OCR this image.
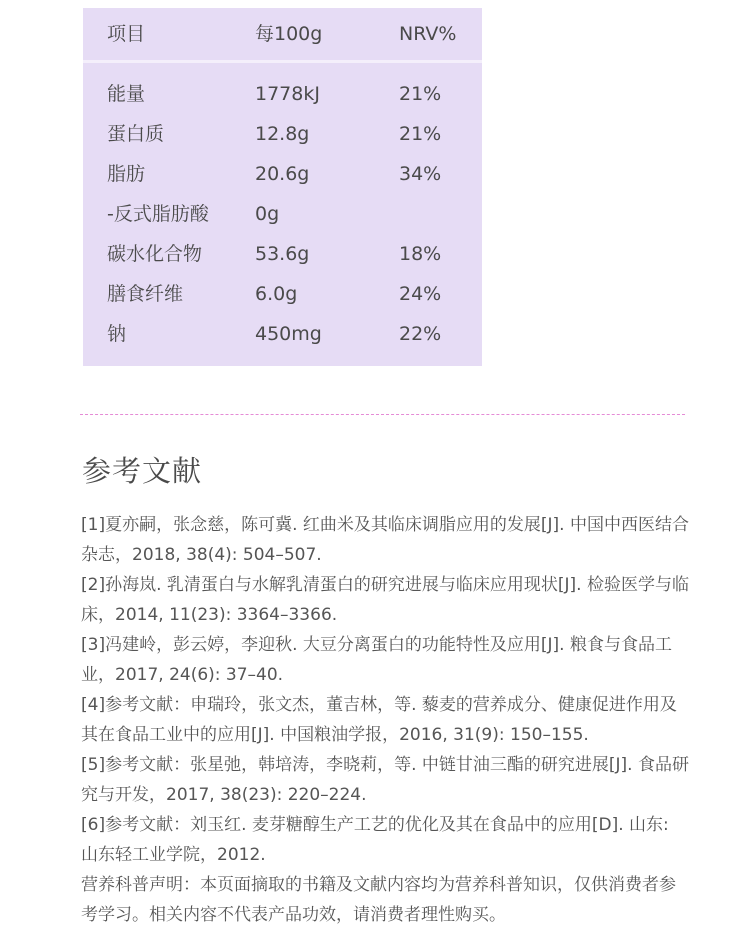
项目	每100g	NRV%
能量	1778kJ	21%
蛋白质	12.8g	21%
脂肪	20.6g	34%
-反式脂肪酸 0g
碳水化合物	53.6g	18%
膳食纤维	6.0g	24%
钠	450mg	22%
参考文献

[1]夏亦嗣，张念慈，陈可冀. 红曲米及其临床调脂应用的发展[J]. 中国中西医结合杂志，2018, 38(4): 504–507.

[2]孙海岚. 乳清蛋白与水解乳清蛋白的研究进展与临床应用现状[J]. 检验医学与临床，2014, 11(23): 3364–3366.

[3]冯建岭，彭云婷，李迎秋. 大豆分离蛋白的功能特性及应用[J]. 粮食与食品工业，2017, 24(6): 37–40.

[4]参考文献：申瑞玲，张文杰，董吉林，等. 藜麦的营养成分、健康促进作用及其在食品工业中的应用[J]. 中国粮油学报，2016, 31(9): 150–155.

[5]参考文献：张星弛，韩培涛，李晓莉，等. 中链甘油三酯的研究进展[J]. 食品研究与开发，2017, 38(23): 220–224.

[6]参考文献：刘玉红. 麦芽糖醇生产工艺的优化及其在食品中的应用[D]. 山东: 山东轻工业学院，2012.

营养科普声明：本页面摘取的书籍及文献内容均为营养科普知识，仅供消费者参考学习。相关内容不代表产品功效，请消费者理性购买。
